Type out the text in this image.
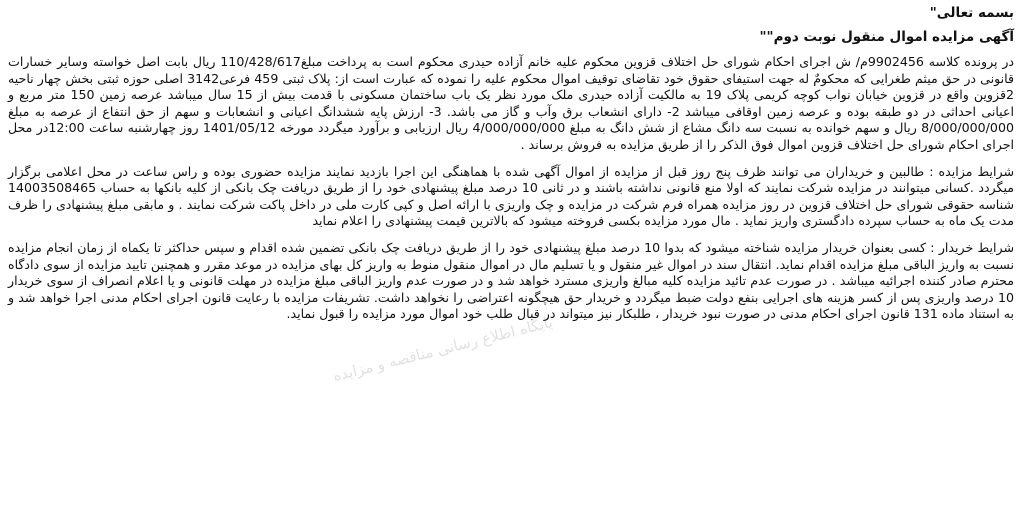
بسمه تعالی"
آگهی مزایده اموال منقول نوبت دوم""

در پرونده کلاسه 9902456م/ ش اجرای احکام شورای حل اختلاف قزوین محکوم علیه خانم آزاده حیدری محکوم است به پرداخت مبلغ110/428/617 ریال بابت اصل خواسته وسایر خسارات قانونی در حق میثم طغرایی که محکومٌ له جهت استیفای حقوق خود تقاضای توقیف اموال محکوم علیه را نموده که عبارت است از: پلاک ثبتی 459 فرعی3142 اصلی حوزه ثبتی بخش چهار ناحیه 2قزوین واقع در قزوین خیابان نواب کوچه کریمی پلاک 19 به مالکیت آزاده حیدری ملک مورد نظر یک باب ساختمان مسکونی با قدمت بیش از 15 سال میباشد عرصه زمین 150 متر مربع و اعیانی احداثی در دو طبقه بوده و عرصه زمین اوقافی میباشد 2- دارای انشعاب برق وآب و گاز می باشد. 3- ارزش پایه ششدانگ اعیانی و انشعابات و سهم از حق انتفاع از عرصه به مبلغ 8/000/000/000 ریال و سهم خوانده به نسبت سه دانگ مشاع از شش دانگ به مبلغ 4/000/000/000 ریال ارزیابی و برآورد میگردد مورخه 1401/05/12 روز چهارشنبه ساعت 12:00در محل اجرای احکام شورای حل اختلاف قزوین اموال فوق الذکر را از طریق مزایده به فروش برساند .

شرایط مزایده : طالبین و خریداران می توانند ظرف پنج روز قبل از مزایده از اموال آگهی شده با هماهنگی این اجرا بازدید نمایند مزایده حضوری بوده و راس ساعت در محل اعلامی برگزار میگردد .کسانی میتوانند در مزایده شرکت نمایند که اولا منع قانونی نداشته باشند و در ثانی 10 درصد مبلغ پیشنهادی خود را از طریق دریافت چک بانکی از کلیه بانکها به حساب 14003508465 شناسه حقوقی شورای حل اختلاف قزوین در روز مزایده همراه فرم شرکت در مزایده و چک واریزی با ارائه اصل و کپی کارت ملی در داخل پاکت شرکت نمایند . و مابقی مبلغ پیشنهادی را ظرف مدت یک ماه به حساب سپرده دادگستری واریز نماید . مال مورد مزایده بکسی فروخته میشود که بالاترین قیمت پیشنهادی را اعلام نماید

شرایط خریدار : کسی بعنوان خریدار مزایده شناخته میشود که بدوا 10 درصد مبلغ پیشنهادی خود را از طریق دریافت چک بانکی تضمین شده اقدام و سپس حداکثر تا یکماه از زمان انجام مزایده نسبت به واریز الباقی مبلغ مزایده اقدام نماید. انتقال سند در اموال غیر منقول و یا تسلیم مال در اموال منقول منوط به واریز کل بهای مزایده در موعد مقرر و همچنین تایید مزایده از سوی دادگاه محترم صادر کننده اجرائیه میباشد . در صورت عدم تائید مزایده کلیه مبالغ واریزی مسترد خواهد شد و در صورت عدم واریز الباقی مبلغ مزایده در مهلت قانونی و یا اعلام انصراف از سوی خریدار 10 درصد واریزی پس از کسر هزینه های اجرایی بنفع دولت ضبط میگردد و خریدار حق هیچگونه اعتراضی را نخواهد داشت. تشریفات مزایده با رعایت قانون اجرای احکام مدنی اجرا خواهد شد و به استناد ماده 131 قانون اجرای احکام مدنی در صورت نبود خریدار ، طلبکار نیز میتواند در قبال طلب خود اموال مورد مزایده را قبول نماید.

پایگاه اطلاع رسانی مناقصه و مزایده
